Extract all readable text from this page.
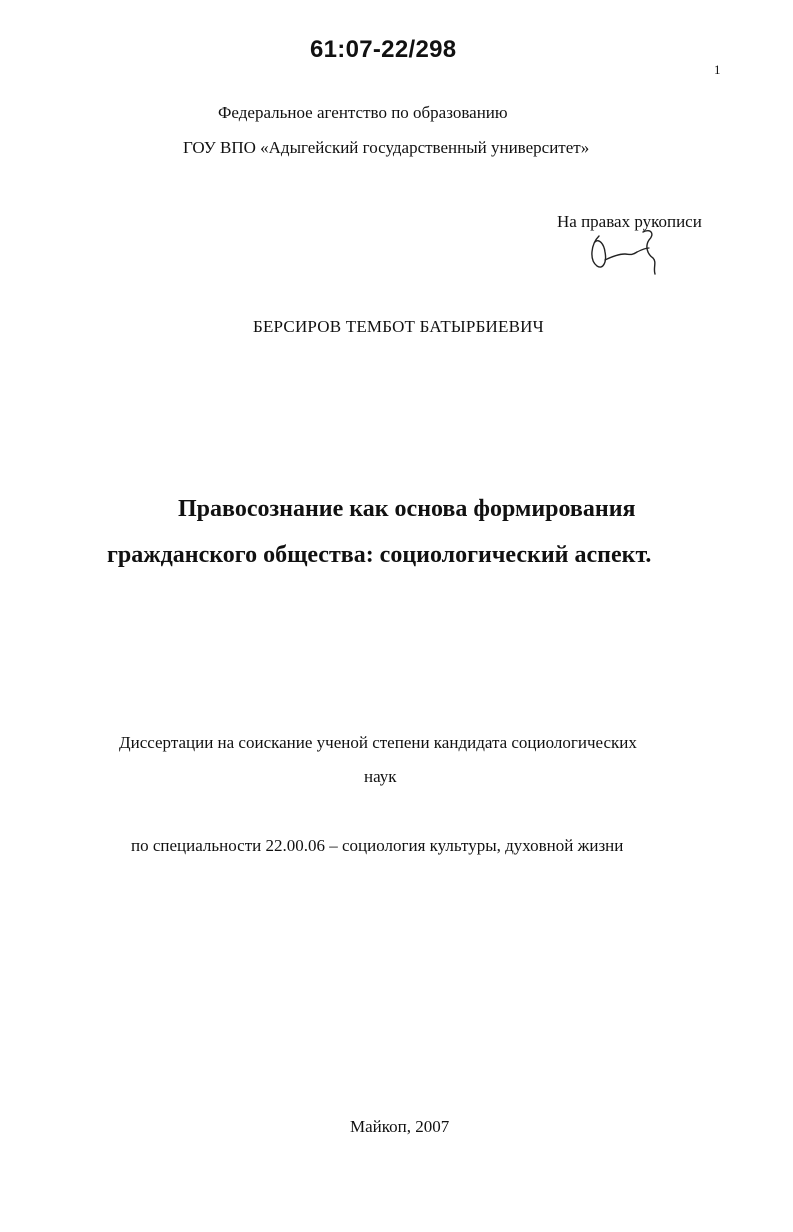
61:07-22/298
1
Федеральное агентство по образованию
ГОУ ВПО «Адыгейский государственный университет»
На правах рукописи
БЕРСИРОВ ТЕМБОТ БАТЫРБИЕВИЧ
Правосознание как основа формирования
гражданского общества: социологический аспект.
Диссертации на соискание ученой степени кандидата социологических
наук
по специальности 22.00.06 – социология культуры, духовной жизни
Майкоп, 2007
